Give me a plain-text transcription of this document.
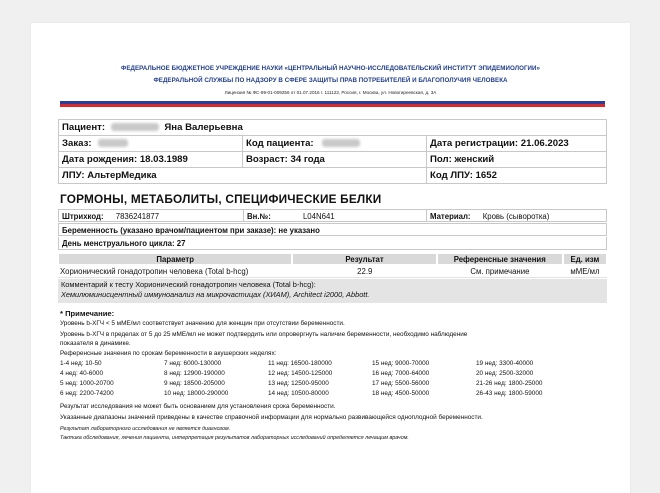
ФЕДЕРАЛЬНОЕ БЮДЖЕТНОЕ УЧРЕЖДЕНИЕ НАУКИ «ЦЕНТРАЛЬНЫЙ НАУЧНО-ИССЛЕДОВАТЕЛЬСКИЙ ИНСТИТУТ ЭПИДЕМИОЛОГИИ»
ФЕДЕРАЛЬНОЙ СЛУЖБЫ ПО НАДЗОРУ В СФЕРЕ ЗАЩИТЫ ПРАВ ПОТРЕБИТЕЛЕЙ И БЛАГОПОЛУЧИЯ ЧЕЛОВЕКА
Лицензия № ФС-99-01-009256 от 01.07.2016 г. 111123, Россия, г. Москва, ул. Новогиреевская, д. 3А
Пациент: Яна Валерьевна		
Заказ:	Код пациента:	Дата регистрации: 21.06.2023
Дата рождения: 18.03.1989	Возраст: 34 года	Пол: женский
ЛПУ: АльтерМедика		Код ЛПУ: 1652
ГОРМОНЫ, МЕТАБОЛИТЫ, СПЕЦИФИЧЕСКИЕ БЕЛКИ
Штрихкод: 7836241877	Вн.№:	L04N641	Материал: Кровь (сыворотка)
Беременность (указано врачом/пациентом при заказе): не указано
День менструального цикла: 27
Параметр	Результат	Референсные значения	Ед. изм
Хорионический гонадотропин человека (Total b-hcg)	22.9	См. примечание	мМЕ/мл
Комментарий к тесту Хорионический гонадотропин человека (Total b-hcg):
Хемилюминисцентный иммуноанализ на микрочастицах (ХИАМ), Architect i2000, Abbott.
* Примечание:
Уровень b-ХГЧ < 5 мМЕ/мл соответствует значению для женщин при отсутствии беременности.
Уровень b-ХГЧ в пределах от 5 до 25 мМЕ/мл не может подтвердить или опровергнуть наличие беременности, необходимо наблюдение
показателя в динамике.
Референсные значения по срокам беременности в акушерских неделях:
1-4 нед: 10-50	7 нед: 6000-130000	11 нед: 16500-180000	15 нед: 9000-70000	19 нед: 3300-40000
4 нед: 40-6000	8 нед: 12900-190000	12 нед: 14500-125000	16 нед: 7000-64000	20 нед: 2500-32000
5 нед: 1000-20700	9 нед: 18500-205000	13 нед: 12500-95000	17 нед: 5500-56000	21-26 нед: 1800-25000
6 нед: 2200-74200	10 нед: 18000-290000	14 нед: 10500-80000	18 нед: 4500-50000	26-43 нед: 1800-59000
Результат исследования не может быть основанием для установления срока беременности.
Указанные диапазоны значений приведены в качестве справочной информации для нормально развивающейся одноплодной беременности.
Результат лабораторного исследования не является диагнозом.
Тактика обследования, лечения пациента, интерпретация результатов лабораторных исследований определяется лечащим врачом.
